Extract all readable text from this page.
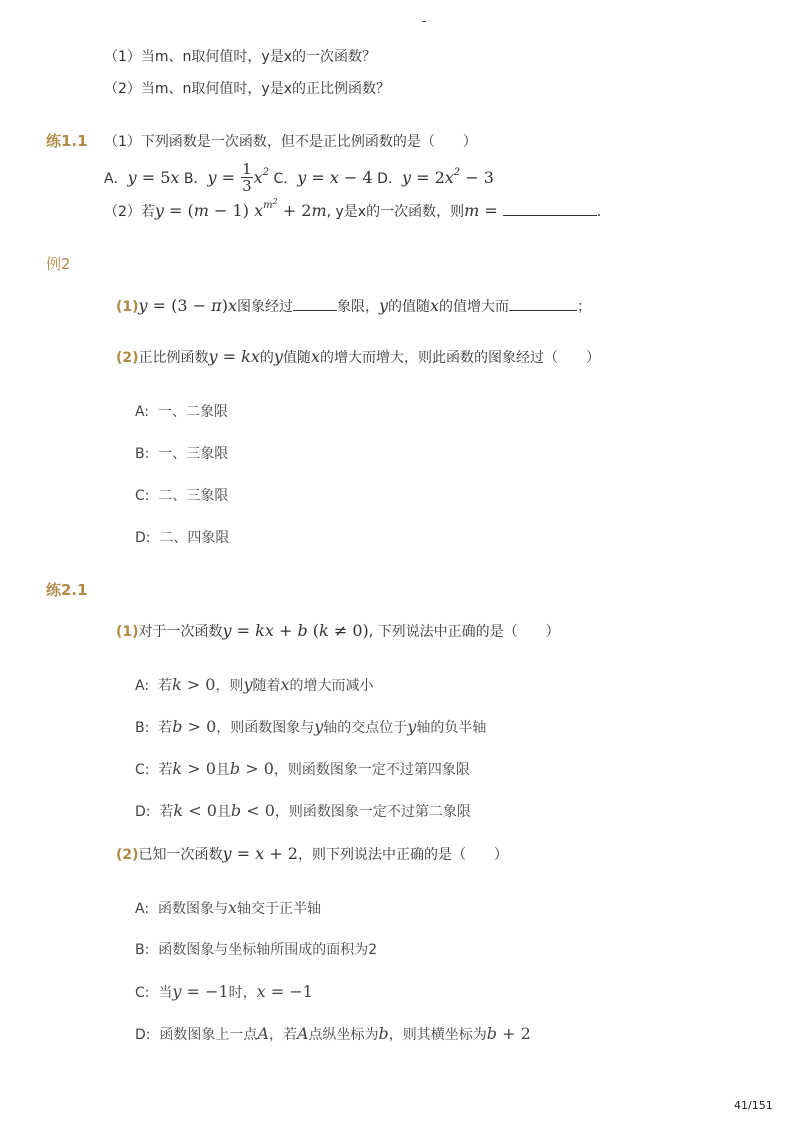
-
（1）当m、n取何值时，y是x的一次函数？
（2）当m、n取何值时，y是x的正比例函数？
练1.1 （1）下列函数是一次函数，但不是正比例函数的是（　　）
A．y = 5x B．$y = \frac{1}{3} x^2$ C．y = x − 4 D．$y = 2x^2 - 3$
（2）若y = (m − 1) $x^{m^2} + 2m$, y是x的一次函数，则m =	．
例2
(1)y = (3 − π)x图象经过	象限，y的值随x的值增大而	；
(2)正比例函数y = kx的y值随x的增大而增大，则此函数的图象经过（　　）
A: 一、二象限
B: 一、三象限
C: 二、三象限
D: 二、四象限
练2.1
(1)对于一次函数y = kx + b (k ≠ 0), 下列说法中正确的是（　　）
A: 若k > 0，则y随着x的增大而减小
B: 若b > 0，则函数图象与y轴的交点位于y轴的负半轴
C: 若k > 0且b > 0，则函数图象一定不过第四象限
D: 若k < 0且b < 0，则函数图象一定不过第二象限
(2)已知一次函数y = x + 2，则下列说法中正确的是（　　）
A: 函数图象与x轴交于正半轴
B: 函数图象与坐标轴所围成的面积为2
C: 当y = −1时，x = −1
D: 函数图象上一点A，若A点纵坐标为b，则其横坐标为b + 2
41/151
